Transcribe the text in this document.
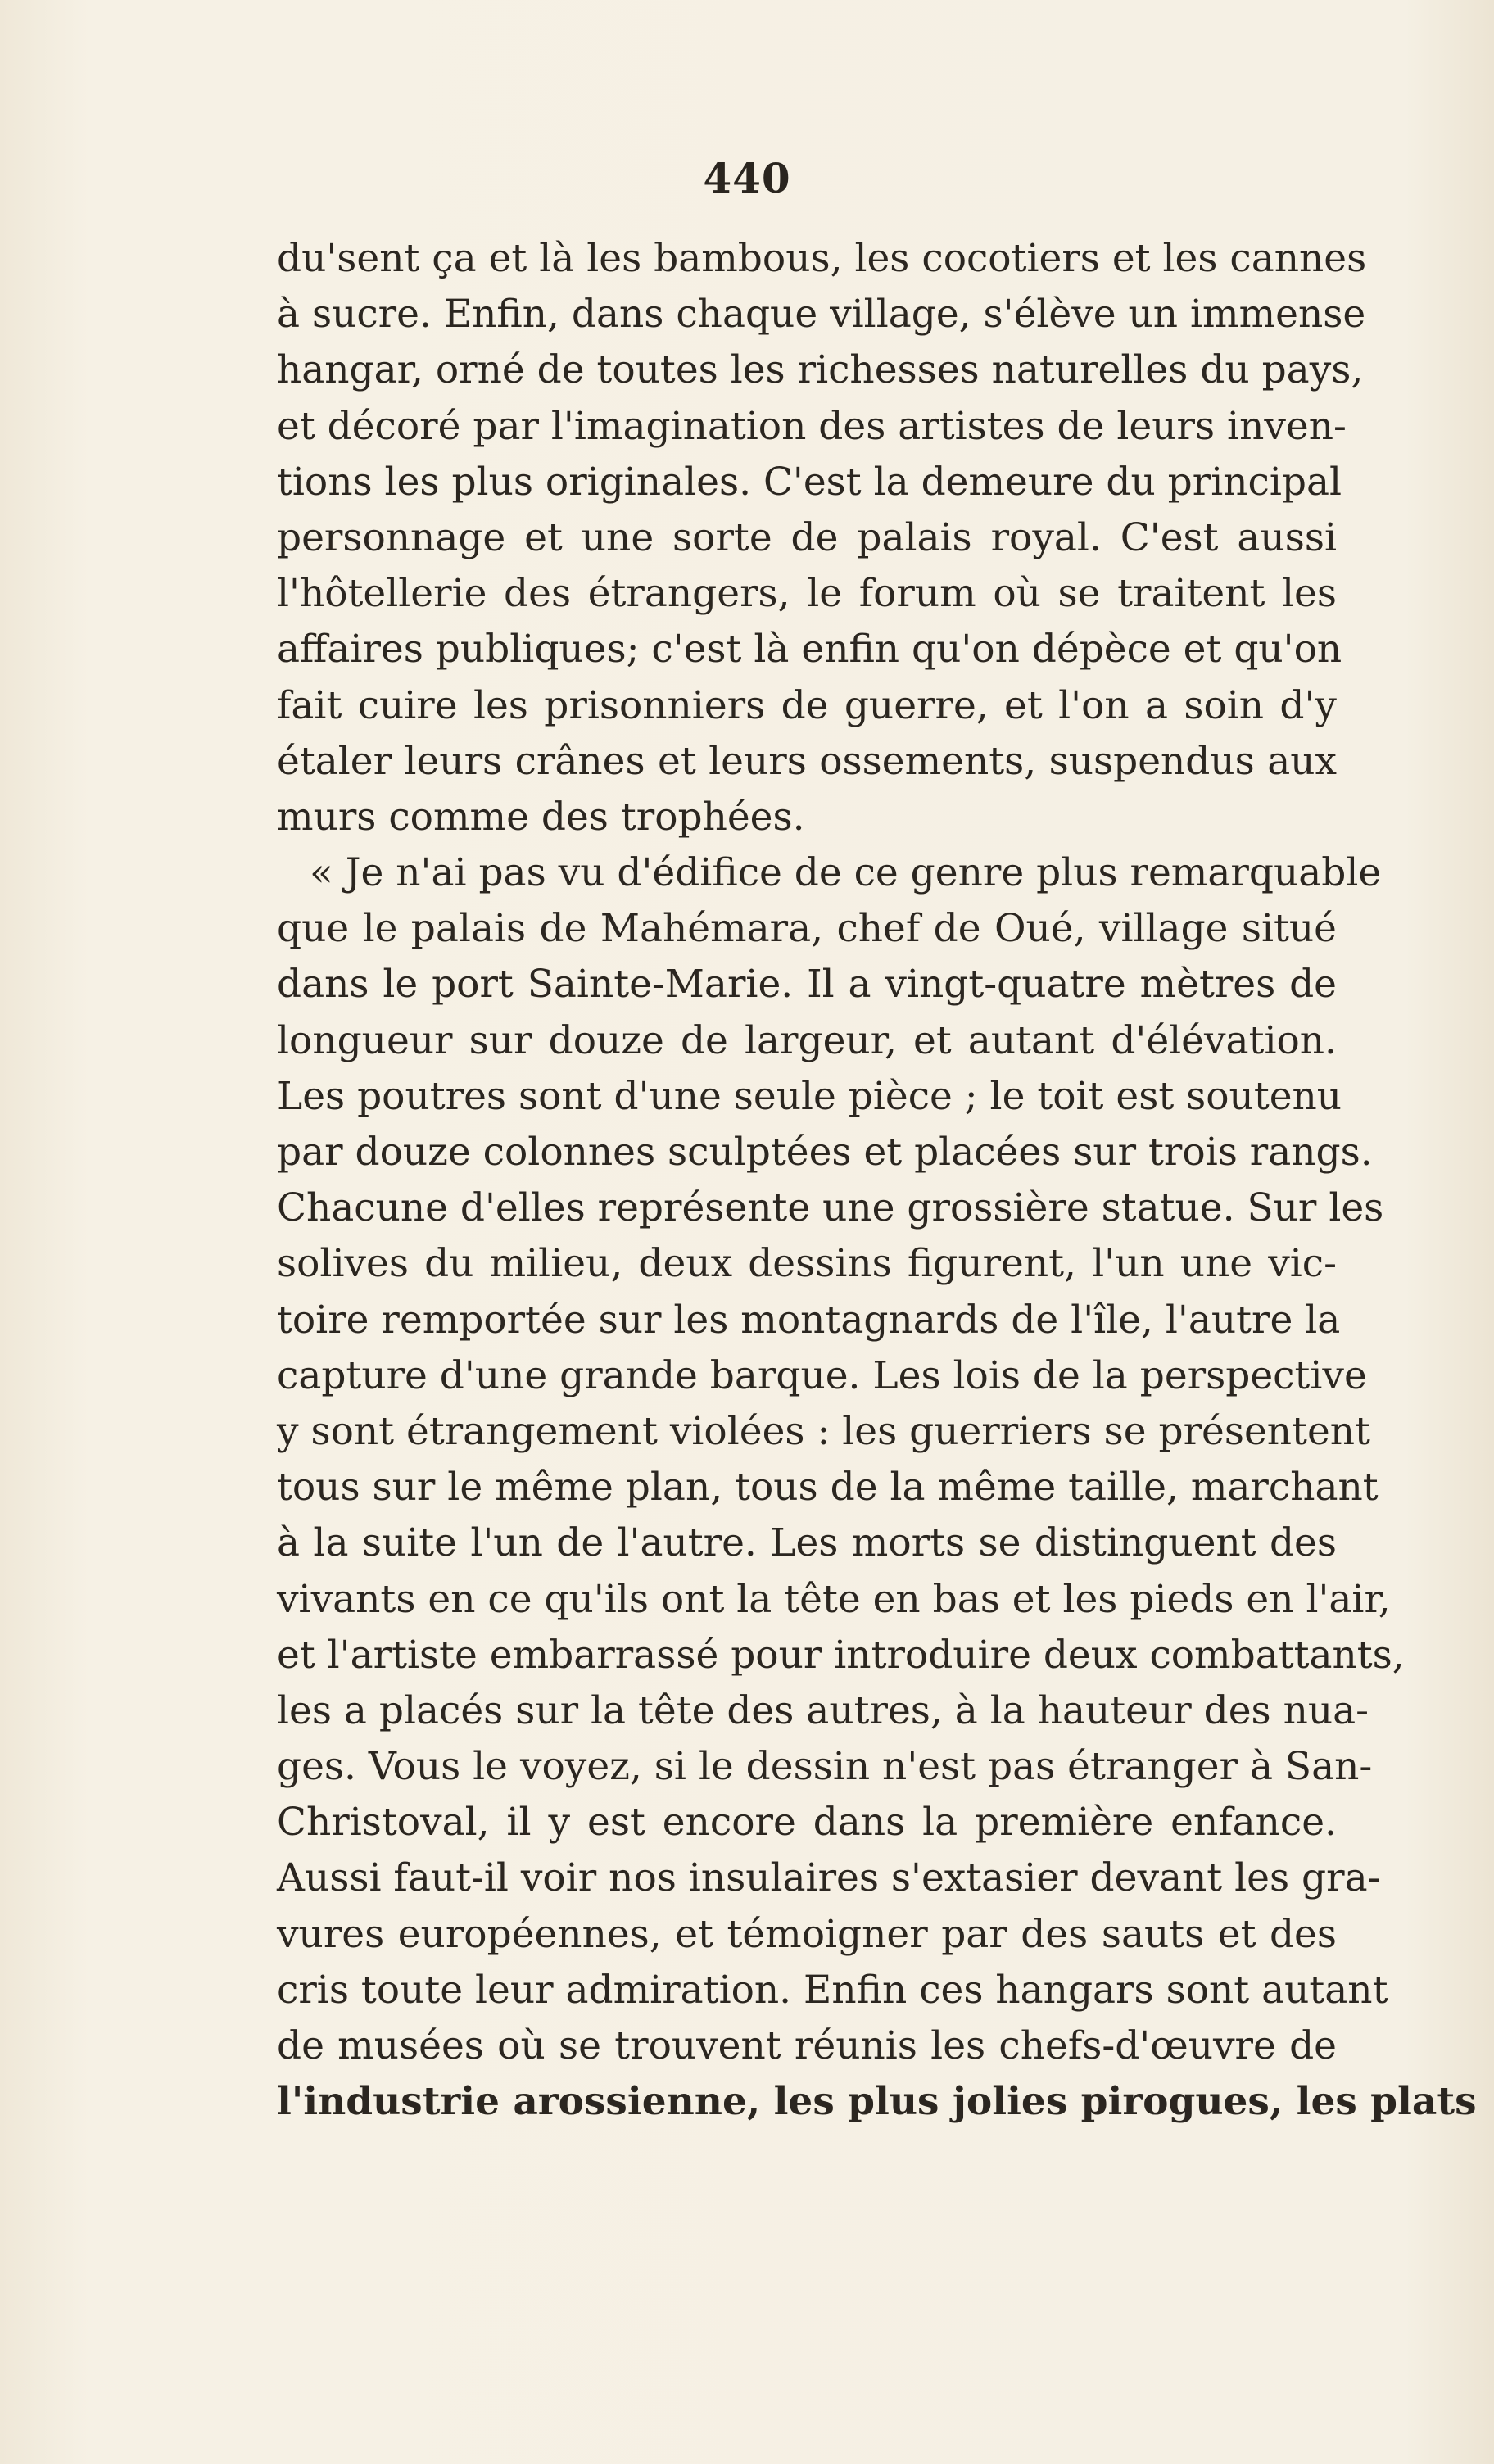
440
du'sent ça et là les bambous, les cocotiers et les cannes
à sucre. Enfin, dans chaque village, s'élève un immense
hangar, orné de toutes les richesses naturelles du pays,
et décoré par l'imagination des artistes de leurs inven-
tions les plus originales. C'est la demeure du principal
personnage et une sorte de palais royal. C'est aussi
l'hôtellerie des étrangers, le forum où se traitent les
affaires publiques; c'est là enfin qu'on dépèce et qu'on
fait cuire les prisonniers de guerre, et l'on a soin d'y
étaler leurs crânes et leurs ossements, suspendus aux
murs comme des trophées.
« Je n'ai pas vu d'édifice de ce genre plus remarquable
que le palais de Mahémara, chef de Oué, village situé
dans le port Sainte-Marie. Il a vingt-quatre mètres de
longueur sur douze de largeur, et autant d'élévation.
Les poutres sont d'une seule pièce ; le toit est soutenu
par douze colonnes sculptées et placées sur trois rangs.
Chacune d'elles représente une grossière statue. Sur les
solives du milieu, deux dessins figurent, l'un une vic-
toire remportée sur les montagnards de l'île, l'autre la
capture d'une grande barque. Les lois de la perspective
y sont étrangement violées : les guerriers se présentent
tous sur le même plan, tous de la même taille, marchant
à la suite l'un de l'autre. Les morts se distinguent des
vivants en ce qu'ils ont la tête en bas et les pieds en l'air,
et l'artiste embarrassé pour introduire deux combattants,
les a placés sur la tête des autres, à la hauteur des nua-
ges. Vous le voyez, si le dessin n'est pas étranger à San-
Christoval, il y est encore dans la première enfance.
Aussi faut-il voir nos insulaires s'extasier devant les gra-
vures européennes, et témoigner par des sauts et des
cris toute leur admiration. Enfin ces hangars sont autant
de musées où se trouvent réunis les chefs-d'œuvre de
l'industrie arossienne, les plus jolies pirogues, les plats
